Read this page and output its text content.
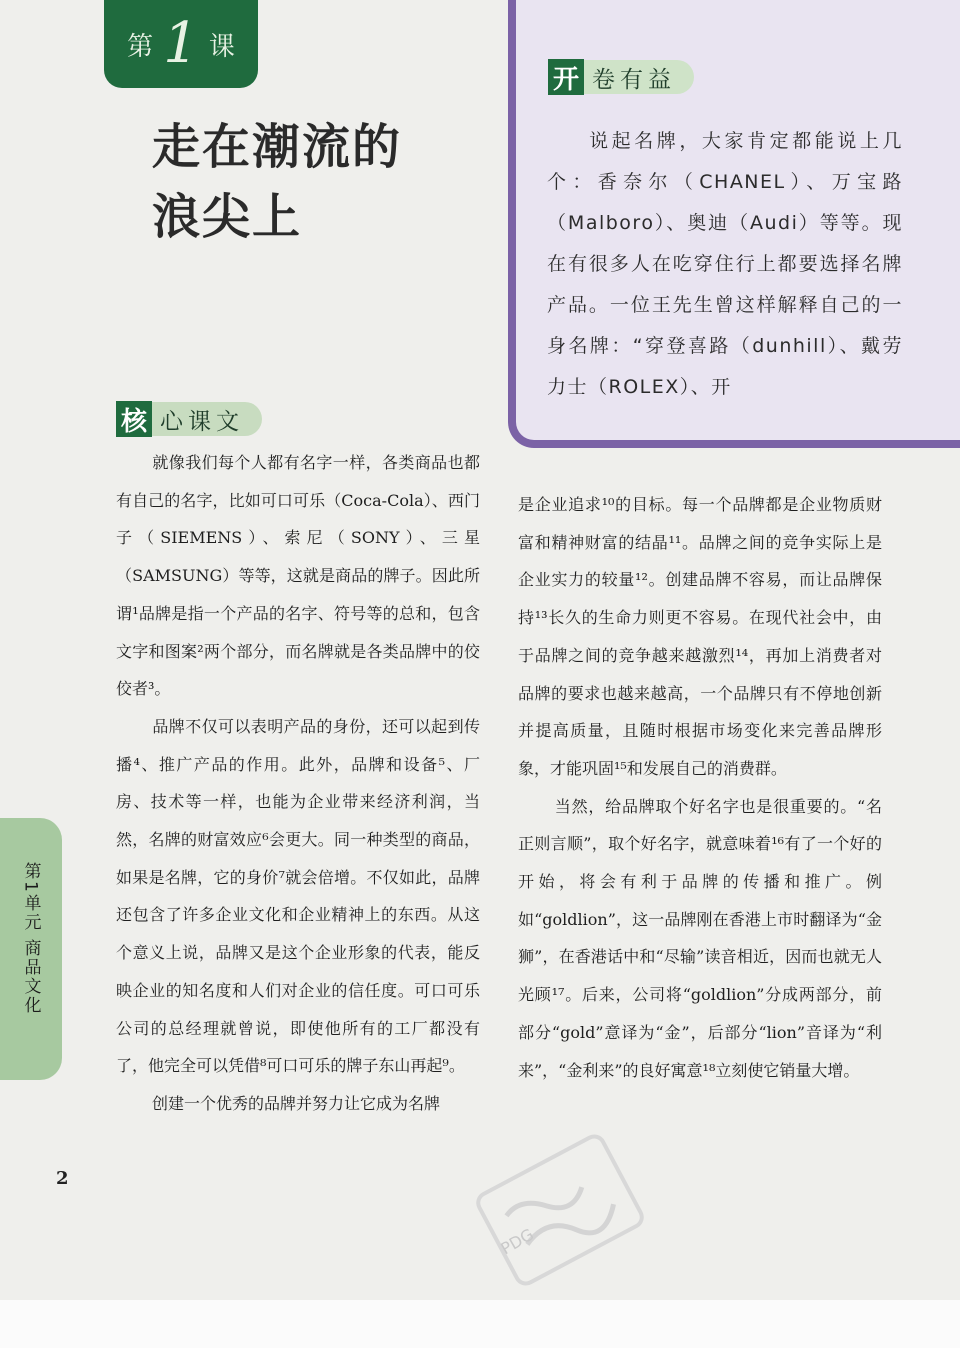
第 1 课
走在潮流的
浪尖上
开 卷有益
说起名牌，大家肯定都能说上几个：香奈尔（CHANEL）、万宝路（Malboro）、奥迪（Audi）等等。现在有很多人在吃穿住行上都要选择名牌产品。一位王先生曾这样解释自己的一身名牌：“穿登喜路（dunhill）、戴劳力士（ROLEX）、开
核 心课文

就像我们每个人都有名字一样，各类商品也都有自己的名字，比如可口可乐（Coca-Cola）、西门子（SIEMENS）、索尼（SONY）、三星（SAMSUNG）等等，这就是商品的牌子。因此所谓¹品牌是指一个产品的名字、符号等的总和，包含文字和图案²两个部分，而名牌就是各类品牌中的佼佼者³。

品牌不仅可以表明产品的身份，还可以起到传播⁴、推广产品的作用。此外，品牌和设备⁵、厂房、技术等一样，也能为企业带来经济利润，当然，名牌的财富效应⁶会更大。同一种类型的商品，如果是名牌，它的身价⁷就会倍增。不仅如此，品牌还包含了许多企业文化和企业精神上的东西。从这个意义上说，品牌又是这个企业形象的代表，能反映企业的知名度和人们对企业的信任度。可口可乐公司的总经理就曾说，即使他所有的工厂都没有了，他完全可以凭借⁸可口可乐的牌子东山再起⁹。

创建一个优秀的品牌并努力让它成为名牌

是企业追求¹⁰的目标。每一个品牌都是企业物质财富和精神财富的结晶¹¹。品牌之间的竞争实际上是企业实力的较量¹²。创建品牌不容易，而让品牌保持¹³长久的生命力则更不容易。在现代社会中，由于品牌之间的竞争越来越激烈¹⁴，再加上消费者对品牌的要求也越来越高，一个品牌只有不停地创新并提高质量，且随时根据市场变化来完善品牌形象，才能巩固¹⁵和发展自己的消费群。

当然，给品牌取个好名字也是很重要的。“名正则言顺”，取个好名字，就意味着¹⁶有了一个好的开始，将会有利于品牌的传播和推广。例如“goldlion”，这一品牌刚在香港上市时翻译为“金狮”，在香港话中和“尽输”读音相近，因而也就无人光顾¹⁷。后来，公司将“goldlion”分成两部分，前部分“gold”意译为“金”，后部分“lion”音译为“利来”，“金利来”的良好寓意¹⁸立刻使它销量大增。

第1单元 商品文化
2
PDG
